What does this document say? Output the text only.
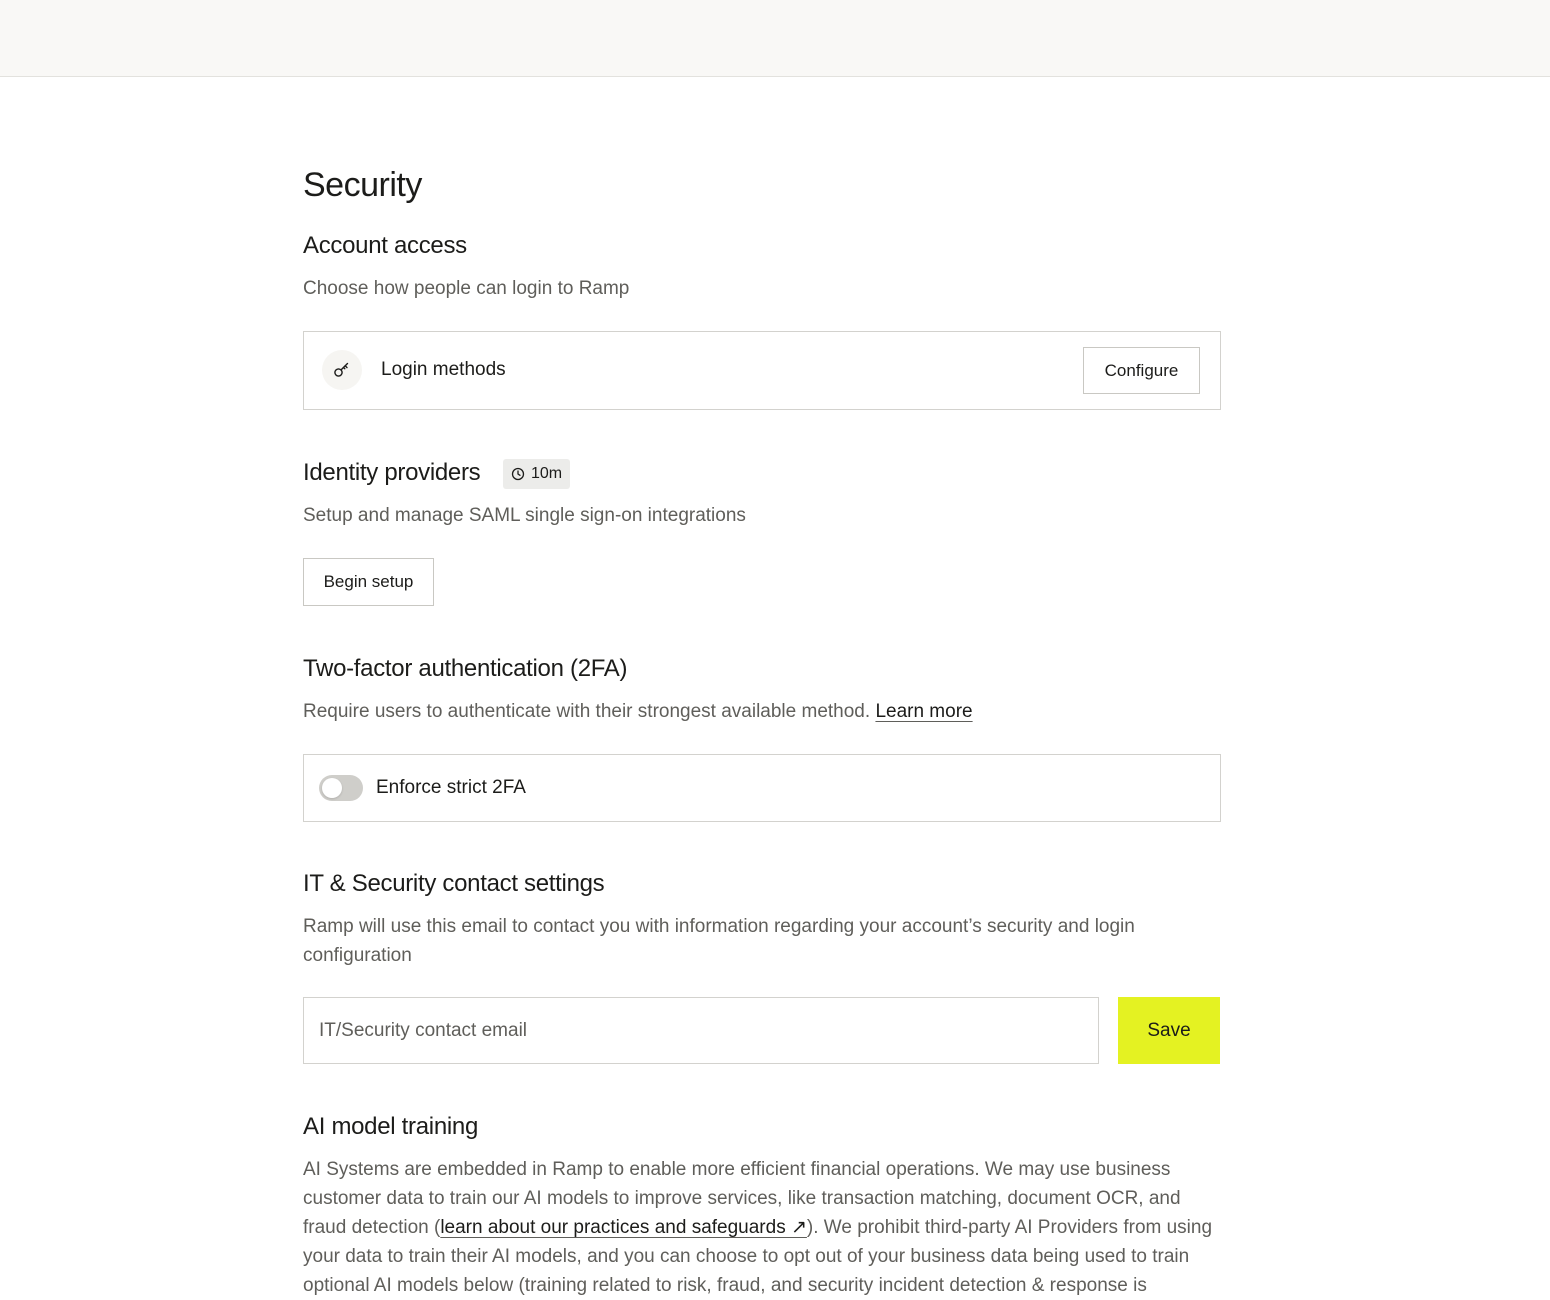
Security
Account access

Choose how people can login to Ramp

Login methods	Configure
Identity providers	10m

Setup and manage SAML single sign-on integrations

Begin setup
Two-factor authentication (2FA)

Require users to authenticate with their strongest available method. Learn more

Enforce strict 2FA
IT & Security contact settings

Ramp will use this email to contact you with information regarding your account’s security and login configuration

IT/Security contact email
Save
AI model training

AI Systems are embedded in Ramp to enable more efficient financial operations. We may use business customer data to train our AI models to improve services, like transaction matching, document OCR, and fraud detection (learn about our practices and safeguards ↗). We prohibit third-party AI Providers from using your data to train their AI models, and you can choose to opt out of your business data being used to train optional AI models below (training related to risk, fraud, and security incident detection & response is
